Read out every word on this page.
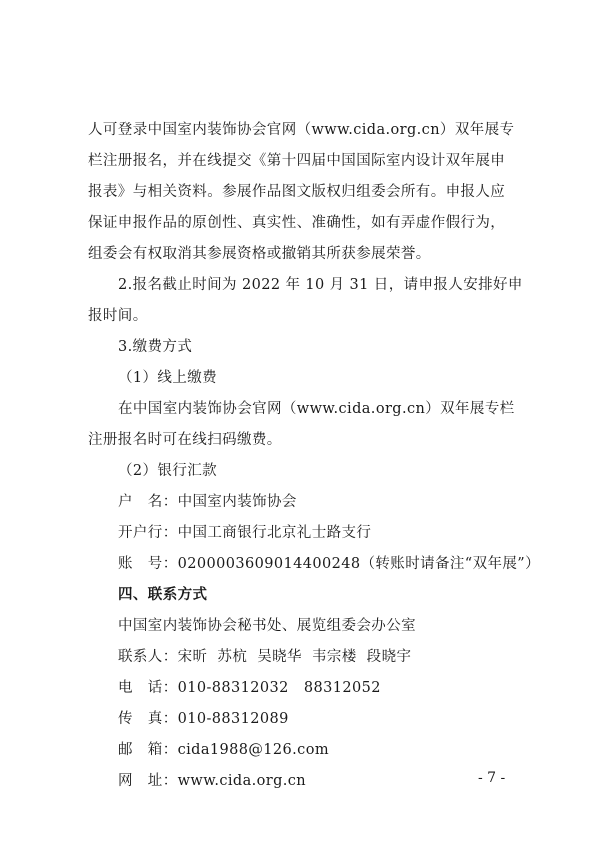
人可登录中国室内装饰协会官网（www.cida.org.cn）双年展专
栏注册报名，并在线提交《第十四届中国国际室内设计双年展申
报表》与相关资料。参展作品图文版权归组委会所有。申报人应
保证申报作品的原创性、真实性、准确性，如有弄虚作假行为，
组委会有权取消其参展资格或撤销其所获参展荣誉。
2.报名截止时间为 2022 年 10 月 31 日，请申报人安排好申
报时间。
3.缴费方式
（1）线上缴费
在中国室内装饰协会官网（www.cida.org.cn）双年展专栏
注册报名时可在线扫码缴费。
（2）银行汇款
户　名：中国室内装饰协会
开户行：中国工商银行北京礼士路支行
账　号：0200003609014400248（转账时请备注“双年展”）
四、联系方式
中国室内装饰协会秘书处、展览组委会办公室
联系人：宋昕  苏杭  吴晓华  韦宗楼  段晓宇
电　话：010-88312032   88312052
传　真：010-88312089
邮　箱：cida1988@126.com
网　址：www.cida.org.cn	- 7 -
